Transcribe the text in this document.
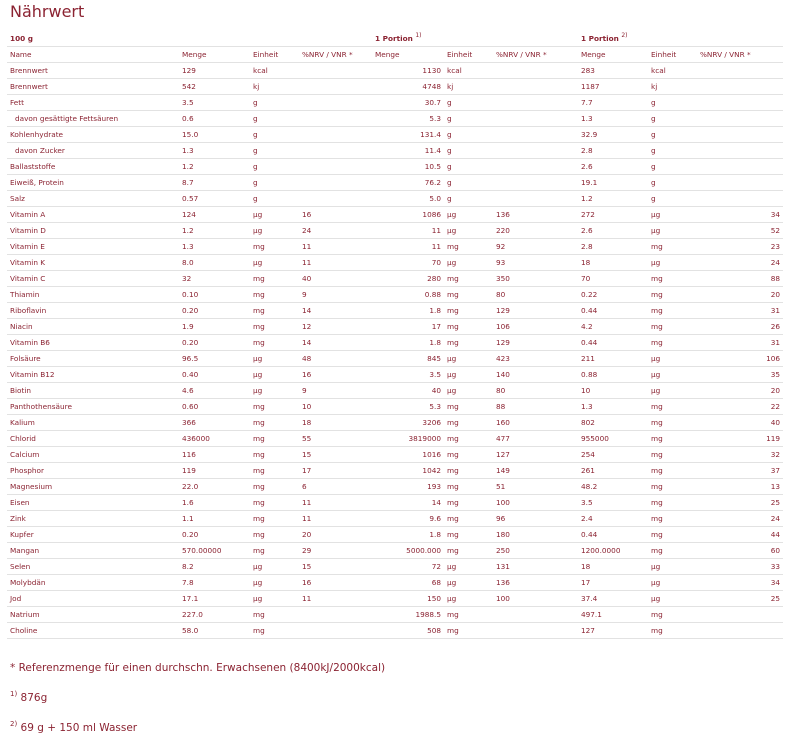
Nährwert
100 g				1 Portion $^{1)}$			1 Portion $^{2)}$
Name	Menge	Einheit	%NRV / VNR *	Menge	Einheit	%NRV / VNR *	Menge	Einheit	%NRV / VNR *
Brennwert	129	kcal		1130	kcal		283	kcal	
Brennwert	542	kj		4748	kj		1187	kj	
Fett	3.5	g		30.7	g		7.7	g	
davon gesättigte Fettsäuren	0.6	g		5.3	g		1.3	g	
Kohlenhydrate	15.0	g		131.4	g		32.9	g	
davon Zucker	1.3	g		11.4	g		2.8	g	
Ballaststoffe	1.2	g		10.5	g		2.6	g	
Eiweiß, Protein	8.7	g		76.2	g		19.1	g	
Salz	0.57	g		5.0	g		1.2	g	
Vitamin A	124	µg	16	1086	µg	136	272	µg	34
Vitamin D	1.2	µg	24	11	µg	220	2.6	µg	52
Vitamin E	1.3	mg	11	11	mg	92	2.8	mg	23
Vitamin K	8.0	µg	11	70	µg	93	18	µg	24
Vitamin C	32	mg	40	280	mg	350	70	mg	88
Thiamin	0.10	mg	9	0.88	mg	80	0.22	mg	20
Riboflavin	0.20	mg	14	1.8	mg	129	0.44	mg	31
Niacin	1.9	mg	12	17	mg	106	4.2	mg	26
Vitamin B6	0.20	mg	14	1.8	mg	129	0.44	mg	31
Folsäure	96.5	µg	48	845	µg	423	211	µg	106
Vitamin B12	0.40	µg	16	3.5	µg	140	0.88	µg	35
Biotin	4.6	µg	9	40	µg	80	10	µg	20
Panthothensäure	0.60	mg	10	5.3	mg	88	1.3	mg	22
Kalium	366	mg	18	3206	mg	160	802	mg	40
Chlorid	436000	mg	55	3819000	mg	477	955000	mg	119
Calcium	116	mg	15	1016	mg	127	254	mg	32
Phosphor	119	mg	17	1042	mg	149	261	mg	37
Magnesium	22.0	mg	6	193	mg	51	48.2	mg	13
Eisen	1.6	mg	11	14	mg	100	3.5	mg	25
Zink	1.1	mg	11	9.6	mg	96	2.4	mg	24
Kupfer	0.20	mg	20	1.8	mg	180	0.44	mg	44
Mangan	570.00000	mg	29	5000.000	mg	250	1200.0000	mg	60
Selen	8.2	µg	15	72	µg	131	18	µg	33
Molybdän	7.8	µg	16	68	µg	136	17	µg	34
Jod	17.1	µg	11	150	µg	100	37.4	µg	25
Natrium	227.0	mg		1988.5	mg		497.1	mg	
Choline	58.0	mg		508	mg		127	mg	
* Referenzmenge für einen durchschn. Erwachsenen (8400kJ/2000kcal)
$^{1)}$ 876g
$^{2)}$ 69 g + 150 ml Wasser
